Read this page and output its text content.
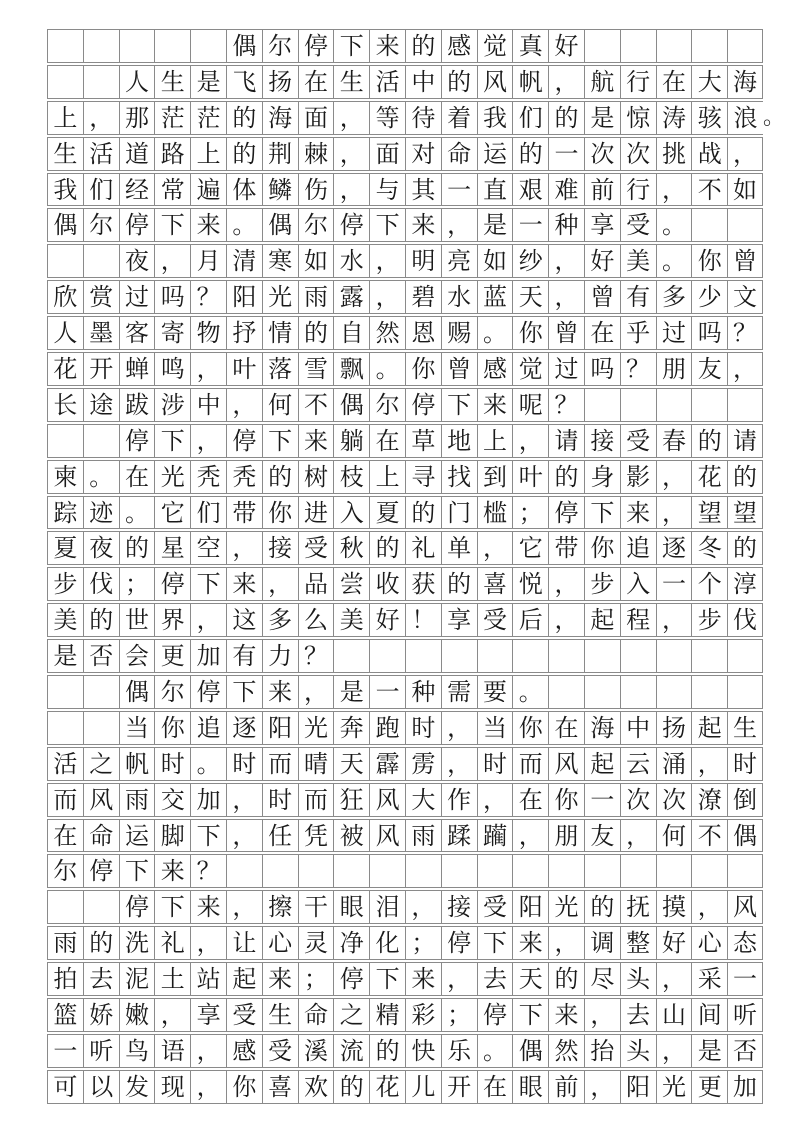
偶 尔 停 下 来 的 感 觉 真 好
人 生 是 飞 扬 在 生 活 中 的 风 帆 ， 航 行 在 大 海
上 ， 那 茫 茫 的 海 面 ， 等 待 着 我 们 的 是 惊 涛 骇 浪 。
生 活 道 路 上 的 荆 棘 ， 面 对 命 运 的 一 次 次 挑 战 ，
我 们 经 常 遍 体 鳞 伤 ， 与 其 一 直 艰 难 前 行 ， 不 如
偶 尔 停 下 来 。 偶 尔 停 下 来 ， 是 一 种 享 受 。
夜 ， 月 清 寒 如 水 ， 明 亮 如 纱 ， 好 美 。 你 曾
欣 赏 过 吗 ？ 阳 光 雨 露 ， 碧 水 蓝 天 ， 曾 有 多 少 文
人 墨 客 寄 物 抒 情 的 自 然 恩 赐 。 你 曾 在 乎 过 吗 ？
花 开 蝉 鸣 ， 叶 落 雪 飘 。 你 曾 感 觉 过 吗 ？ 朋 友 ，
长 途 跋 涉 中 ， 何 不 偶 尔 停 下 来 呢 ？
停 下 ， 停 下 来 躺 在 草 地 上 ， 请 接 受 春 的 请
柬 。 在 光 秃 秃 的 树 枝 上 寻 找 到 叶 的 身 影 ， 花 的
踪 迹 。 它 们 带 你 进 入 夏 的 门 槛 ； 停 下 来 ， 望 望
夏 夜 的 星 空 ， 接 受 秋 的 礼 单 ， 它 带 你 追 逐 冬 的
步 伐 ； 停 下 来 ， 品 尝 收 获 的 喜 悦 ， 步 入 一 个 淳
美 的 世 界 ， 这 多 么 美 好 ！ 享 受 后 ， 起 程 ， 步 伐
是 否 会 更 加 有 力 ？
偶 尔 停 下 来 ， 是 一 种 需 要 。
当 你 追 逐 阳 光 奔 跑 时 ， 当 你 在 海 中 扬 起 生
活 之 帆 时 。 时 而 晴 天 霹 雳 ， 时 而 风 起 云 涌 ， 时
而 风 雨 交 加 ， 时 而 狂 风 大 作 ， 在 你 一 次 次 潦 倒
在 命 运 脚 下 ， 任 凭 被 风 雨 蹂 躏 ， 朋 友 ， 何 不 偶
尔 停 下 来 ？
停 下 来 ， 擦 干 眼 泪 ， 接 受 阳 光 的 抚 摸 ， 风
雨 的 洗 礼 ， 让 心 灵 净 化 ； 停 下 来 ， 调 整 好 心 态
拍 去 泥 土 站 起 来 ； 停 下 来 ， 去 天 的 尽 头 ， 采 一
篮 娇 嫩 ， 享 受 生 命 之 精 彩 ； 停 下 来 ， 去 山 间 听
一 听 鸟 语 ， 感 受 溪 流 的 快 乐 。 偶 然 抬 头 ， 是 否
可 以 发 现 ， 你 喜 欢 的 花 儿 开 在 眼 前 ， 阳 光 更 加
